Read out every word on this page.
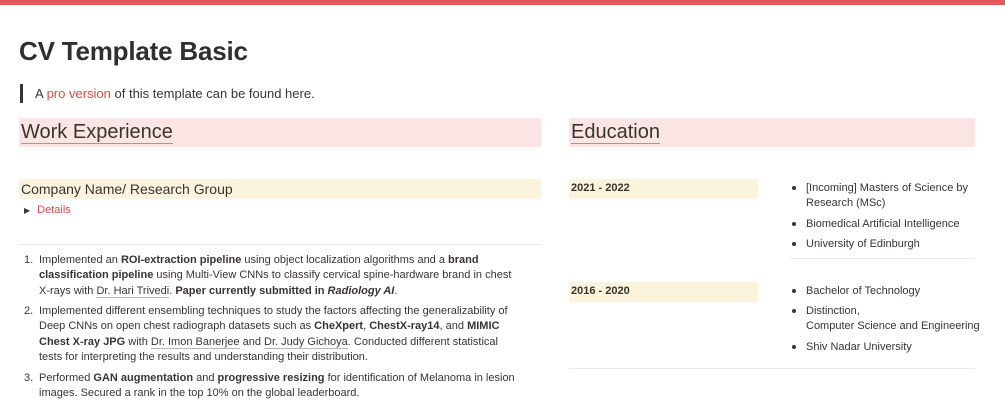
CV Template Basic
A pro version of this template can be found here.
Work Experience	Education
Company Name/ Research Group
▶ Details
1. Implemented an ROI-extraction pipeline using object localization algorithms and a brand classification pipeline using Multi-View CNNs to classify cervical spine-hardware brand in chest X-rays with Dr. Hari Trivedi. Paper currently submitted in Radiology AI.
2. Implemented different ensembling techniques to study the factors affecting the generalizability of Deep CNNs on open chest radiograph datasets such as CheXpert, ChestX-ray14, and MIMIC Chest X-ray JPG with Dr. Imon Banerjee and Dr. Judy Gichoya. Conducted different statistical tests for interpreting the results and understanding their distribution.
3. Performed GAN augmentation and progressive resizing for identification of Melanoma in lesion images. Secured a rank in the top 10% on the global leaderboard.
2021 - 2022	[Incoming] Masters of Science by Research (MSc)
Biomedical Artificial Intelligence
University of Edinburgh
2016 - 2020	Bachelor of Technology
Distinction,
Computer Science and Engineering
Shiv Nadar University
